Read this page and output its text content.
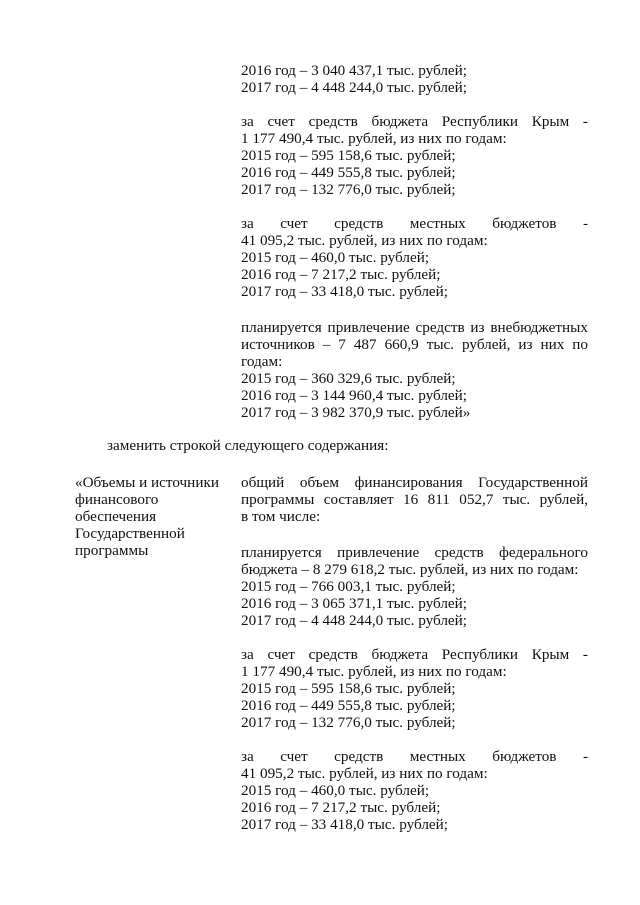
2016 год – 3 040 437,1 тыс. рублей;
2017 год – 4 448 244,0 тыс. рублей;
за счет средств бюджета Республики Крым -
1 177 490,4 тыс. рублей, из них по годам:
2015 год – 595 158,6 тыс. рублей;
2016 год – 449 555,8 тыс. рублей;
2017 год – 132 776,0 тыс. рублей;
за счет средств местных бюджетов -
41 095,2 тыс. рублей, из них по годам:
2015 год – 460,0 тыс. рублей;
2016 год – 7 217,2 тыс. рублей;
2017 год – 33 418,0 тыс. рублей;
планируется привлечение средств из внебюджетных
источников – 7 487 660,9 тыс. рублей, из них по
годам:
2015 год – 360 329,6 тыс. рублей;
2016 год – 3 144 960,4 тыс. рублей;
2017 год – 3 982 370,9 тыс. рублей»
заменить строкой следующего содержания:
«Объемы и источники
финансового
обеспечения
Государственной
программы
общий объем финансирования Государственной
программы составляет 16 811 052,7 тыс. рублей,
в том числе:
планируется привлечение средств федерального
бюджета – 8 279 618,2 тыс. рублей, из них по годам:
2015 год – 766 003,1 тыс. рублей;
2016 год – 3 065 371,1 тыс. рублей;
2017 год – 4 448 244,0 тыс. рублей;
за счет средств бюджета Республики Крым -
1 177 490,4 тыс. рублей, из них по годам:
2015 год – 595 158,6 тыс. рублей;
2016 год – 449 555,8 тыс. рублей;
2017 год – 132 776,0 тыс. рублей;
за счет средств местных бюджетов -
41 095,2 тыс. рублей, из них по годам:
2015 год – 460,0 тыс. рублей;
2016 год – 7 217,2 тыс. рублей;
2017 год – 33 418,0 тыс. рублей;
